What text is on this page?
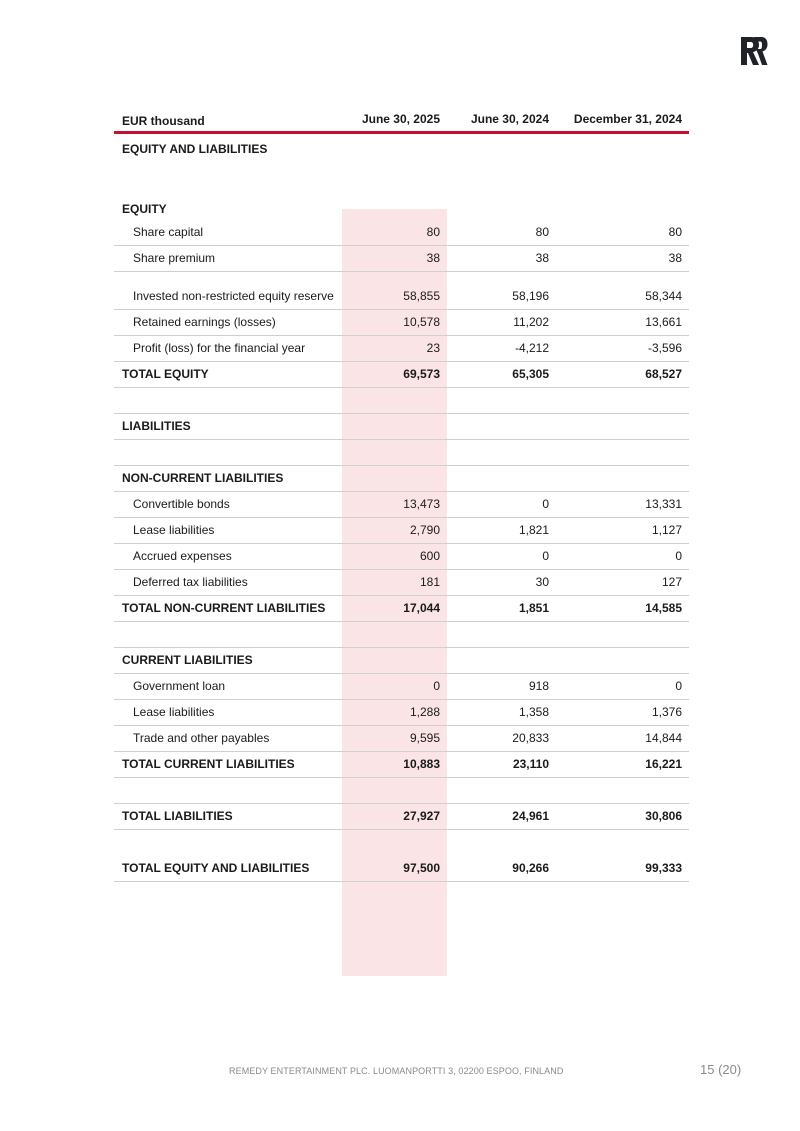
EUR thousand	June 30, 2025	June 30, 2024	December 31, 2024
EQUITY AND LIABILITIES
EQUITY
Share capital	80	80	80
Share premium	38	38	38
Invested non-restricted equity reserve	58,855	58,196	58,344
Retained earnings (losses)	10,578	11,202	13,661
Profit (loss) for the financial year	23	-4,212	-3,596
TOTAL EQUITY	69,573	65,305	68,527
LIABILITIES
NON-CURRENT LIABILITIES
Convertible bonds	13,473	0	13,331
Lease liabilities	2,790	1,821	1,127
Accrued expenses	600	0	0
Deferred tax liabilities	181	30	127
TOTAL NON-CURRENT LIABILITIES	17,044	1,851	14,585
CURRENT LIABILITIES
Government loan	0	918	0
Lease liabilities	1,288	1,358	1,376
Trade and other payables	9,595	20,833	14,844
TOTAL CURRENT LIABILITIES	10,883	23,110	16,221
TOTAL LIABILITIES	27,927	24,961	30,806
TOTAL EQUITY AND LIABILITIES	97,500	90,266	99,333
REMEDY ENTERTAINMENT PLC. LUOMANPORTTI 3, 02200 ESPOO, FINLAND	15 (20)
